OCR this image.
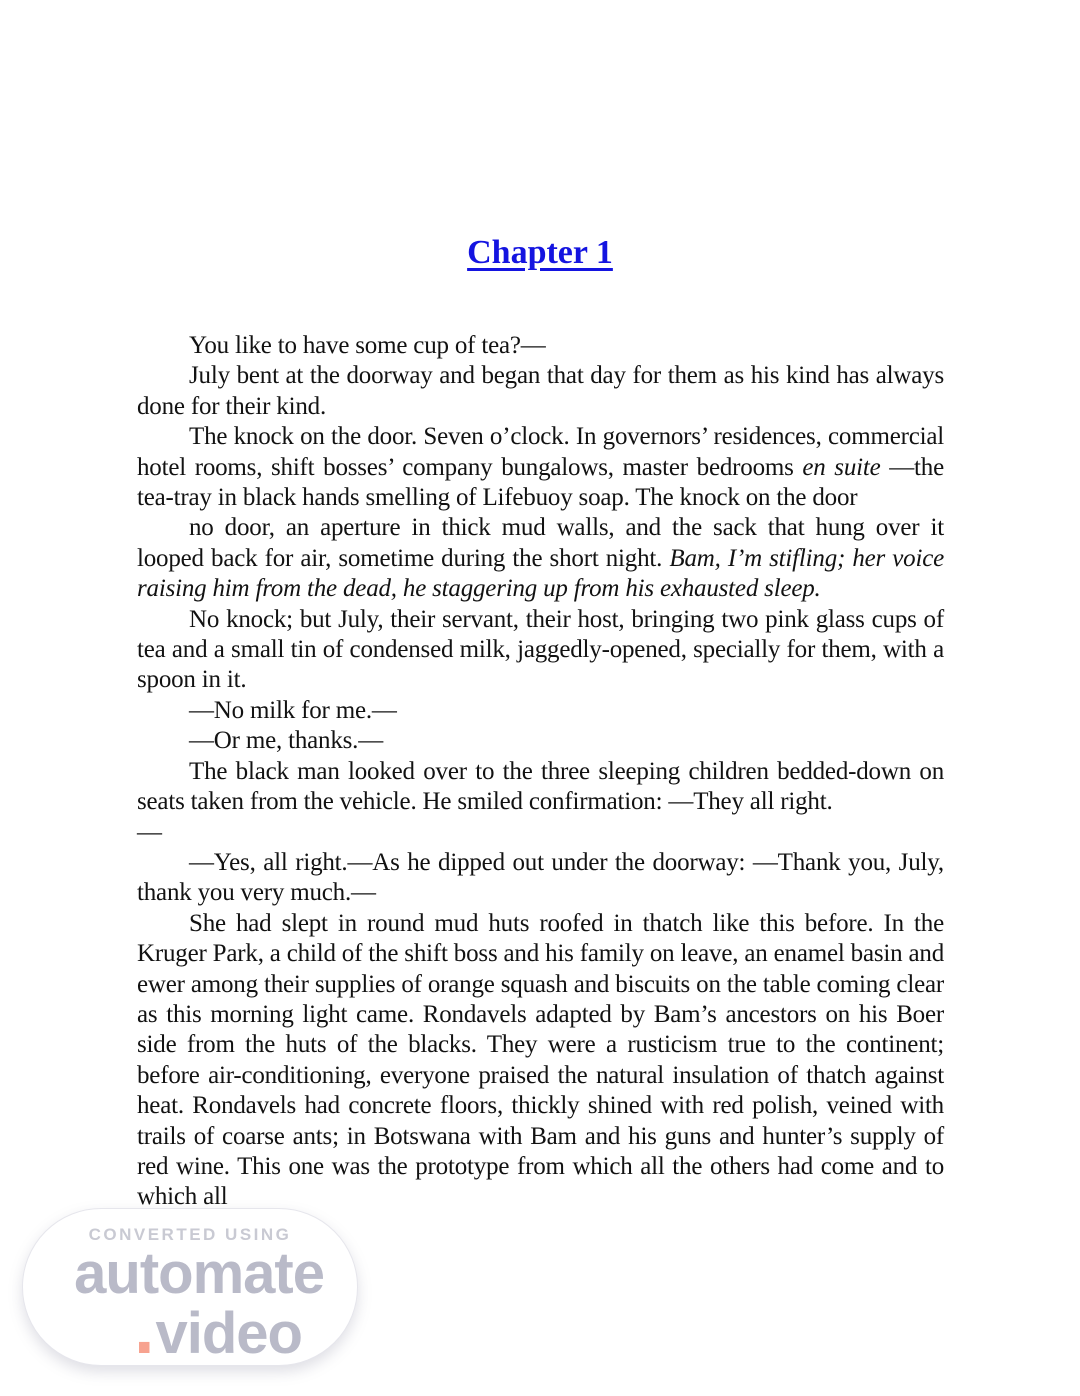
CONVERTED USING
automate
.video
Chapter 1

You like to have some cup of tea?—

July bent at the doorway and began that day for them as his kind has always done for their kind.

The knock on the door. Seven o’clock. In governors’ residences, commercial hotel rooms, shift bosses’ company bungalows, master bedrooms en suite —the tea-tray in black hands smelling of Lifebuoy soap. The knock on the door

no door, an aperture in thick mud walls, and the sack that hung over it looped back for air, sometime during the short night. Bam, I’m stifling; her voice raising him from the dead, he staggering up from his exhausted sleep.

No knock; but July, their servant, their host, bringing two pink glass cups of tea and a small tin of condensed milk, jaggedly-opened, specially for them, with a spoon in it.

—No milk for me.—

—Or me, thanks.—

The black man looked over to the three sleeping children bedded-down on seats taken from the vehicle. He smiled confirmation: —They all right.
—

—Yes, all right.—As he dipped out under the doorway: —Thank you, July, thank you very much.—

She had slept in round mud huts roofed in thatch like this before. In the Kruger Park, a child of the shift boss and his family on leave, an enamel basin and ewer among their supplies of orange squash and biscuits on the table coming clear as this morning light came. Rondavels adapted by Bam’s ancestors on his Boer side from the huts of the blacks. They were a rusticism true to the continent; before air-conditioning, everyone praised the natural insulation of thatch against heat. Rondavels had concrete floors, thickly shined with red polish, veined with trails of coarse ants; in Botswana with Bam and his guns and hunter’s supply of red wine. This one was the prototype from which all the others had come and to which all
